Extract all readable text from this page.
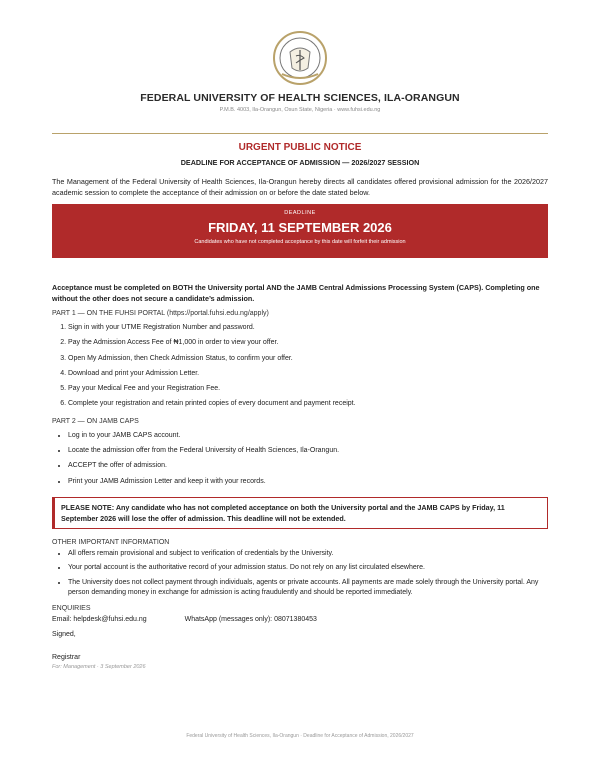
FEDERAL UNIVERSITY OF HEALTH SCIENCES, ILA-ORANGUN
P.M.B. 4003, Ila-Orangun, Osun State, Nigeria · www.fuhsi.edu.ng
URGENT PUBLIC NOTICE
DEADLINE FOR ACCEPTANCE OF ADMISSION — 2026/2027 SESSION
The Management of the Federal University of Health Sciences, Ila-Orangun hereby directs all candidates offered provisional admission for the 2026/2027 academic session to complete the acceptance of their admission on or before the date stated below.
DEADLINE
FRIDAY, 11 SEPTEMBER 2026
Candidates who have not completed acceptance by this date will forfeit their admission
Acceptance must be completed on BOTH the University portal AND the JAMB Central Admissions Processing System (CAPS). Completing one without the other does not secure a candidate’s admission.
PART 1 — ON THE FUHSI PORTAL (https://portal.fuhsi.edu.ng/apply)
1. Sign in with your UTME Registration Number and password.
2. Pay the Admission Access Fee of ₦1,000 in order to view your offer.
3. Open My Admission, then Check Admission Status, to confirm your offer.
4. Download and print your Admission Letter.
5. Pay your Medical Fee and your Registration Fee.
6. Complete your registration and retain printed copies of every document and payment receipt.
PART 2 — ON JAMB CAPS
• Log in to your JAMB CAPS account.
• Locate the admission offer from the Federal University of Health Sciences, Ila-Orangun.
• ACCEPT the offer of admission.
• Print your JAMB Admission Letter and keep it with your records.
PLEASE NOTE: Any candidate who has not completed acceptance on both the University portal and the JAMB CAPS by Friday, 11 September 2026 will lose the offer of admission. This deadline will not be extended.
OTHER IMPORTANT INFORMATION
• All offers remain provisional and subject to verification of credentials by the University.
• Your portal account is the authoritative record of your admission status. Do not rely on any list circulated elsewhere.
• The University does not collect payment through individuals, agents or private accounts. All payments are made solely through the University portal. Any person demanding money in exchange for admission is acting fraudulently and should be reported immediately.
ENQUIRIES
Email: helpdesk@fuhsi.edu.ng	WhatsApp (messages only): 08071380453
Signed,
Registrar
For: Management · 3 September 2026
Federal University of Health Sciences, Ila-Orangun · Deadline for Acceptance of Admission, 2026/2027
